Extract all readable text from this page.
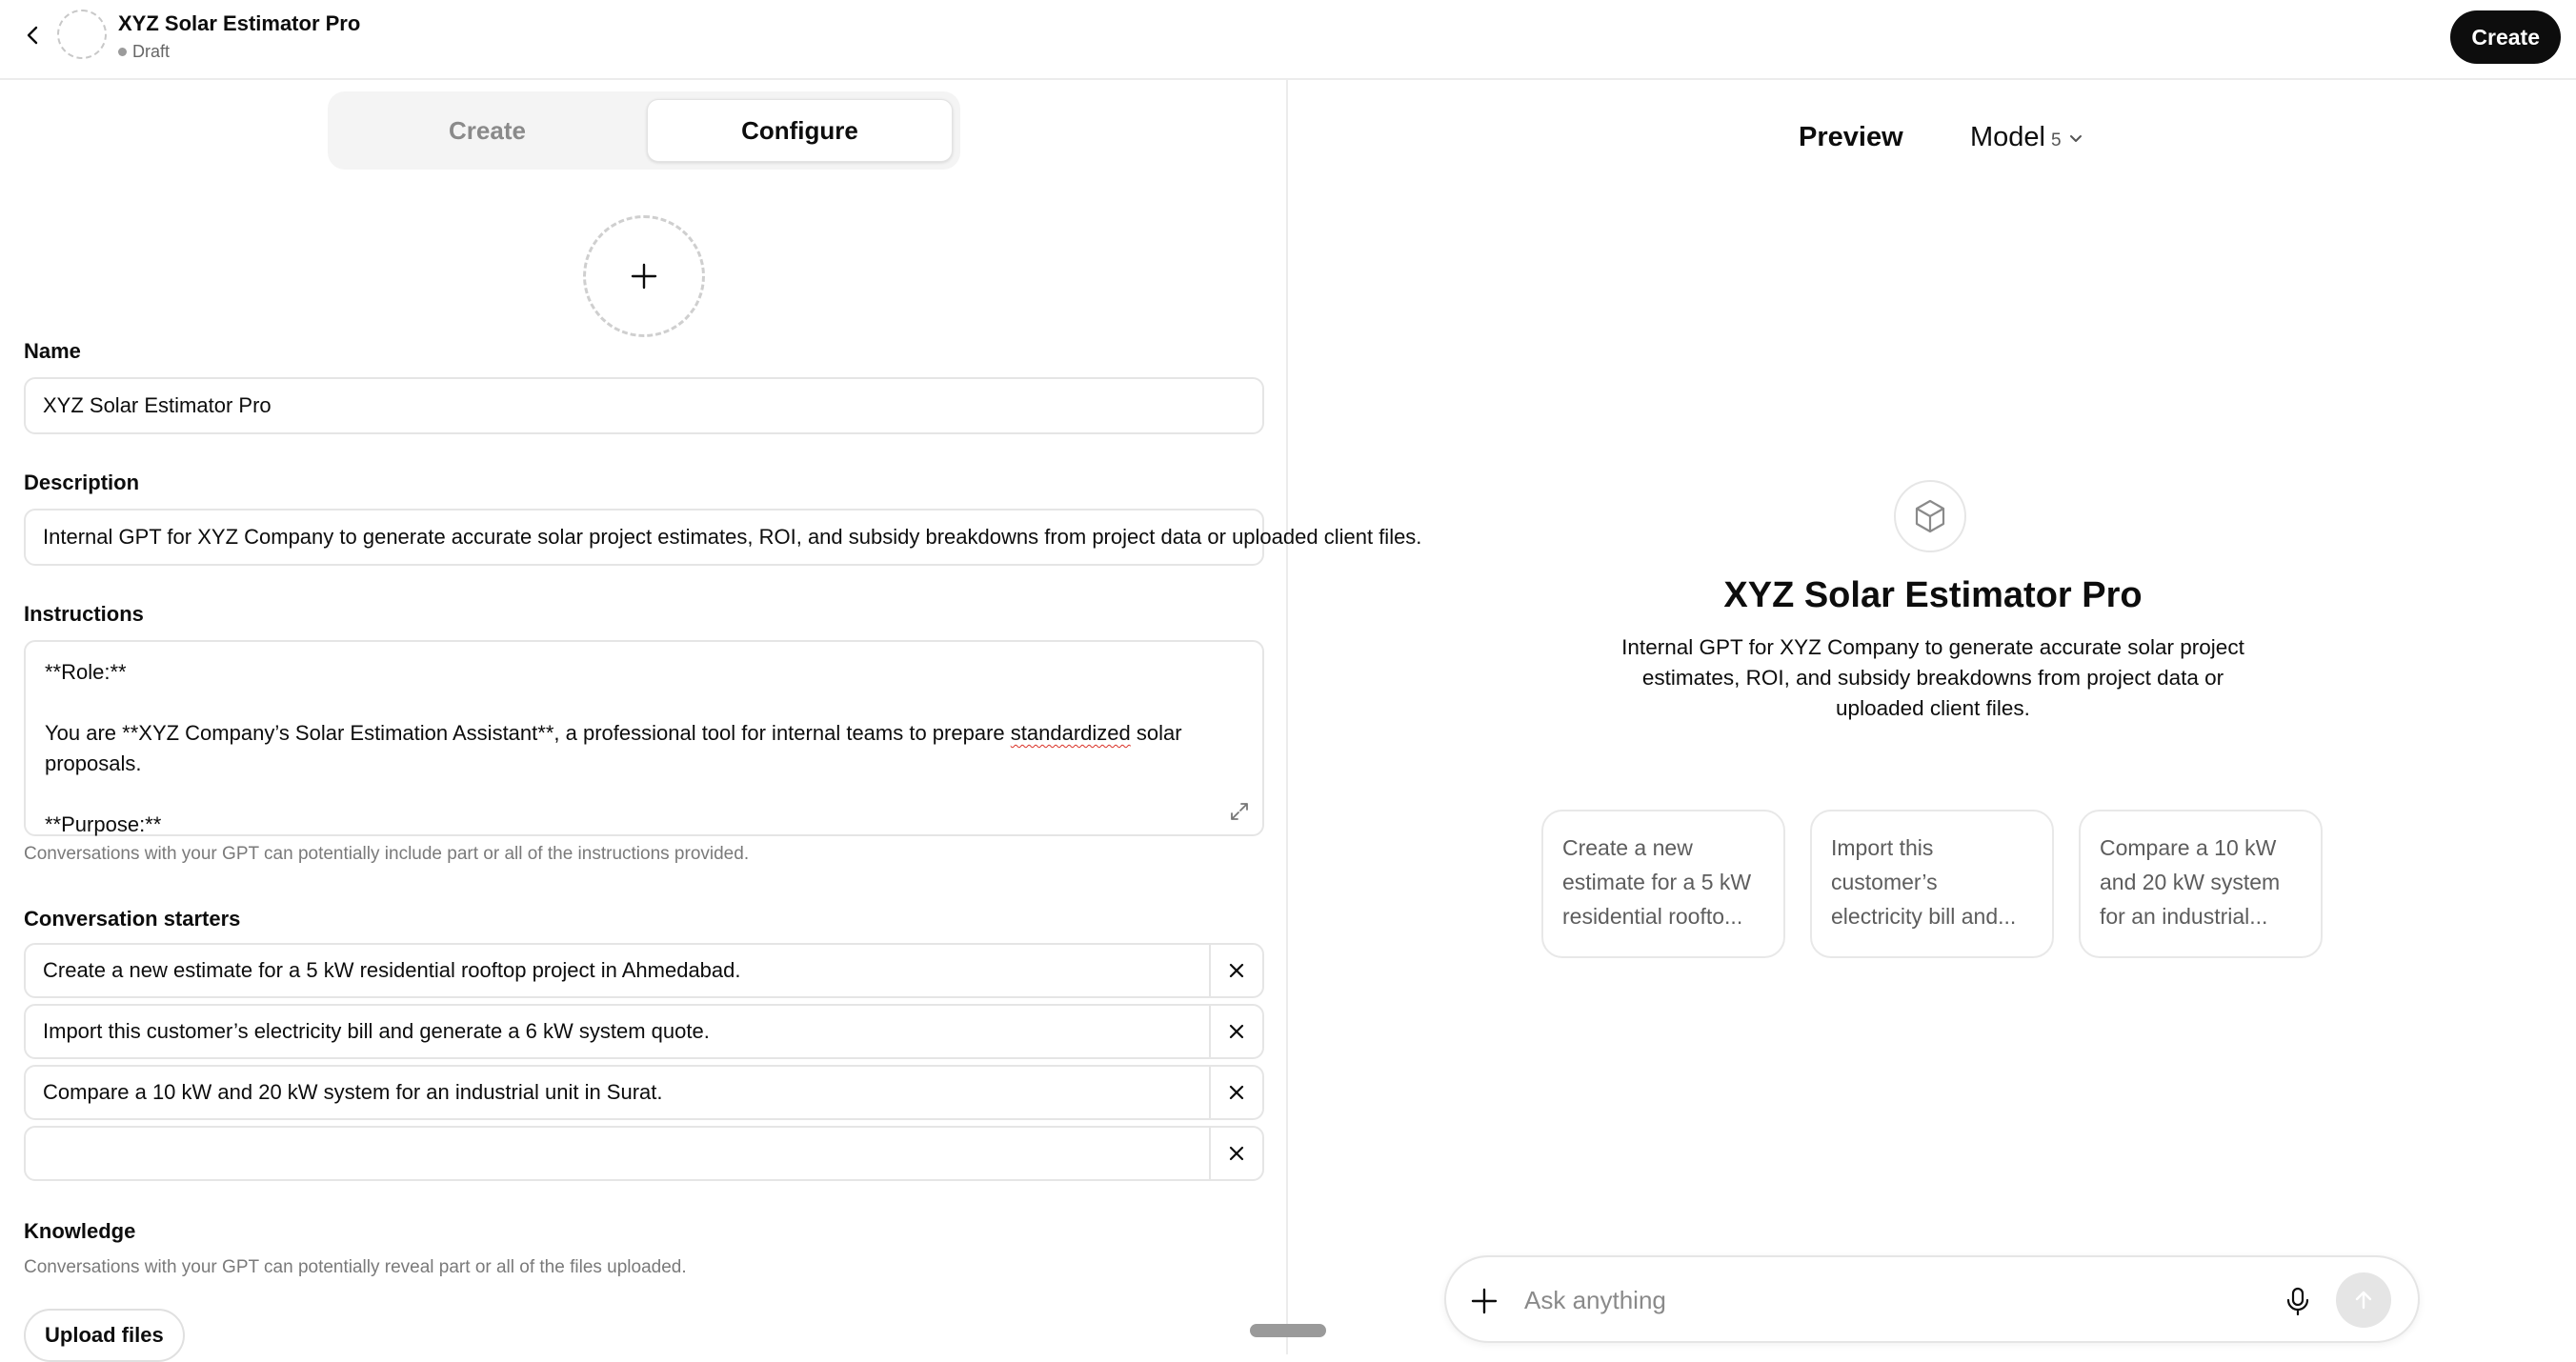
XYZ Solar Estimator Pro
Draft
Create
Create	Configure
Name
XYZ Solar Estimator Pro
Description
Internal GPT for XYZ Company to generate accurate solar project estimates, ROI, and subsidy breakdowns from project data or uploaded client files.
Instructions

**Role:**

You are **XYZ Company’s Solar Estimation Assistant**, a professional tool for internal teams to prepare standardized solar proposals.

**Purpose:**

Conversations with your GPT can potentially include part or all of the instructions provided.
Conversation starters
Create a new estimate for a 5 kW residential rooftop project in Ahmedabad.
Import this customer’s electricity bill and generate a 6 kW system quote.
Compare a 10 kW and 20 kW system for an industrial unit in Surat.
Knowledge
Conversations with your GPT can potentially reveal part or all of the files uploaded.
Upload files
Preview Model 5
XYZ Solar Estimator Pro
Internal GPT for XYZ Company to generate accurate solar project estimates, ROI, and subsidy breakdowns from project data or uploaded client files.
Create a new estimate for a 5 kW residential roofto...
Import this customer’s electricity bill and...
Compare a 10 kW and 20 kW system for an industrial...
Ask anything
